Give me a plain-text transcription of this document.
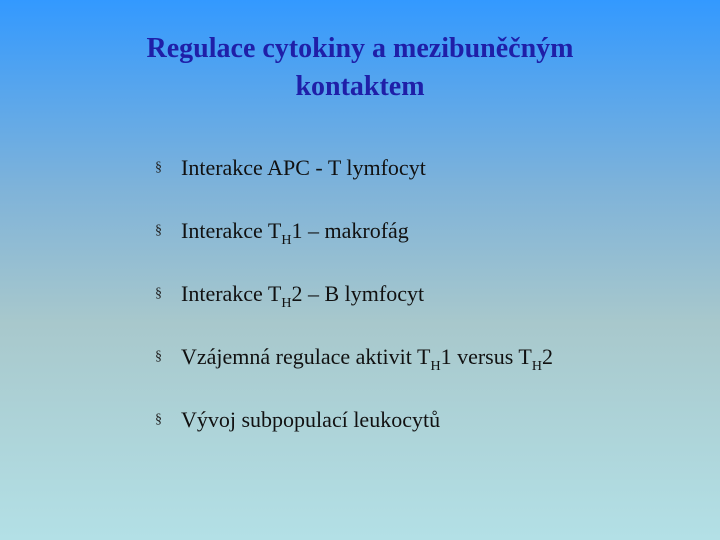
Regulace cytokiny a mezibuněčným
kontaktem
§ Interakce APC - T lymfocyt
§ Interakce $T_H1$ – makrofág
§ Interakce $T_H2$ – B lymfocyt
§ Vzájemná regulace aktivit $T_H1$ versus $T_H2$
§ Vývoj subpopulací leukocytů
